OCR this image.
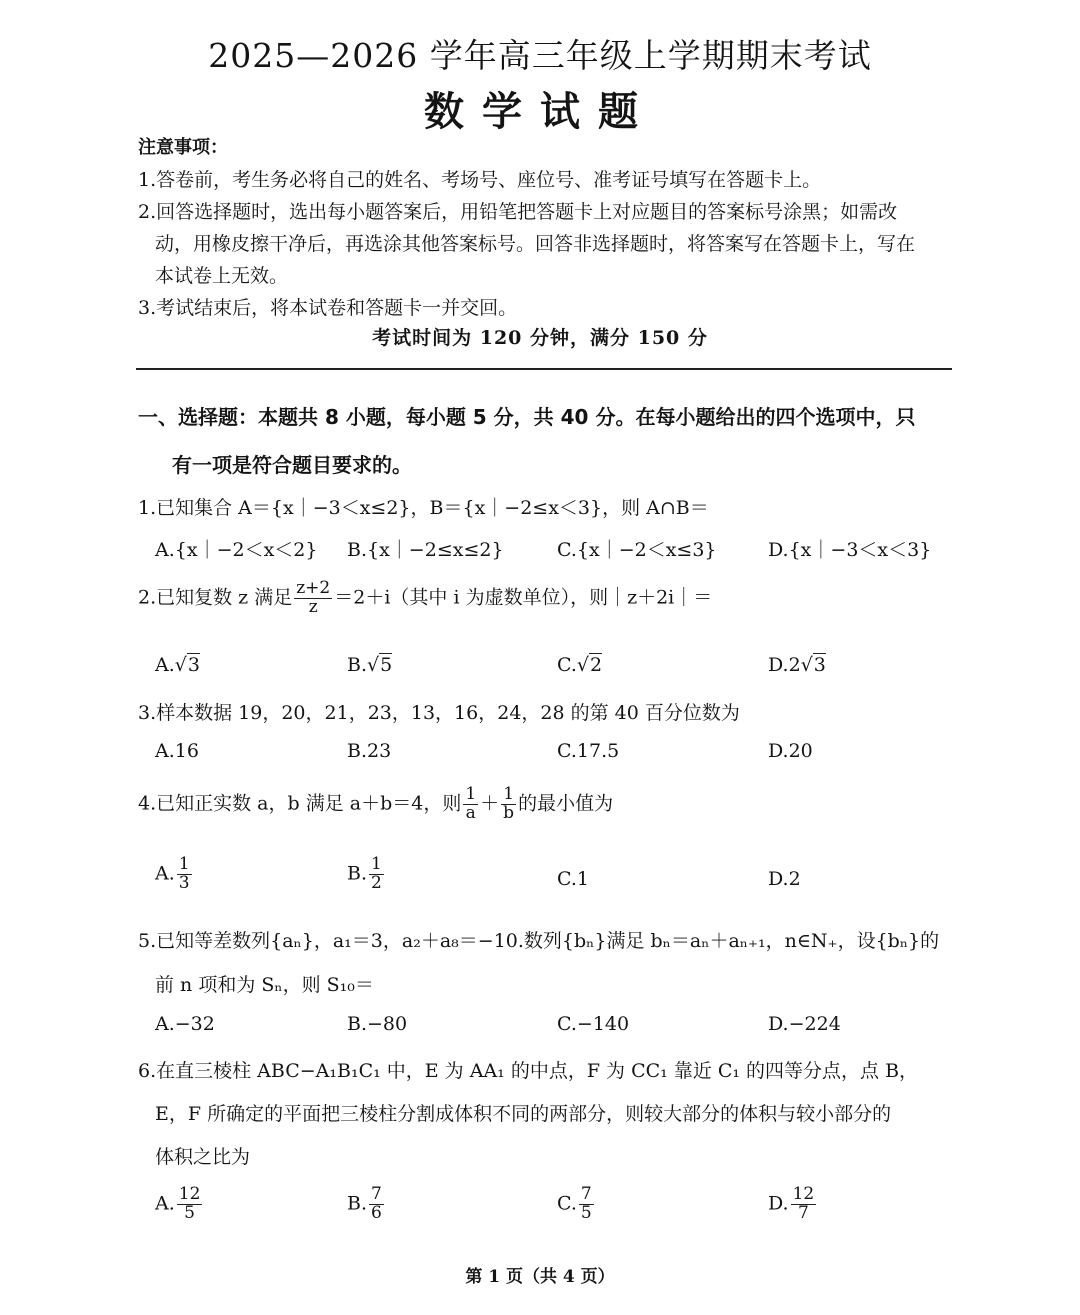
2025—2026 学年高三年级上学期期末考试
数学试题
注意事项：
1.答卷前，考生务必将自己的姓名、考场号、座位号、准考证号填写在答题卡上。
2.回答选择题时，选出每小题答案后，用铅笔把答题卡上对应题目的答案标号涂黑；如需改
动，用橡皮擦干净后，再选涂其他答案标号。回答非选择题时，将答案写在答题卡上，写在
本试卷上无效。
3.考试结束后，将本试卷和答题卡一并交回。
考试时间为 120 分钟，满分 150 分
一、选择题：本题共 8 小题，每小题 5 分，共 40 分。在每小题给出的四个选项中，只
有一项是符合题目要求的。
1.已知集合 A＝{x｜−3＜x≤2}，B＝{x｜−2≤x＜3}，则 A∩B＝
A.{x｜−2＜x＜2} B.{x｜−2≤x≤2}	C.{x｜−2＜x≤3}	D.{x｜−3＜x＜3}
2.已知复数 z 满足 $\frac{z+2}{z} =2+i$（其中 i 为虚数单位），则｜z＋2i｜＝
A.√3	B.√5	C.√2	D.2√3
3.样本数据 19，20，21，23，13，16，24，28 的第 40 百分位数为
A.16	B.23	C.17.5	D.20
4.已知正实数 a，b 满足 a＋b＝4，则 $\frac{1}{a} + \frac{1}{b}$ 的最小值为
A. $\frac{1}{3}$	B. $\frac{1}{2}$	C.1	D.2
5.已知等差数列{aₙ}，a₁＝3，a₂＋a₈＝−10.数列{bₙ}满足 bₙ＝aₙ＋aₙ₊₁，n∈N₊，设{bₙ}的
前 n 项和为 Sₙ，则 S₁₀＝
A.−32	B.−80	C.−140	D.−224
6.在直三棱柱 ABC−A₁B₁C₁ 中，E 为 AA₁ 的中点，F 为 CC₁ 靠近 C₁ 的四等分点，点 B，
E，F 所确定的平面把三棱柱分割成体积不同的两部分，则较大部分的体积与较小部分的
体积之比为
A. $\frac{12}{5}$	B. $\frac{7}{6}$	C. $\frac{7}{5}$	D. $\frac{12}{7}$
第 1 页（共 4 页）
